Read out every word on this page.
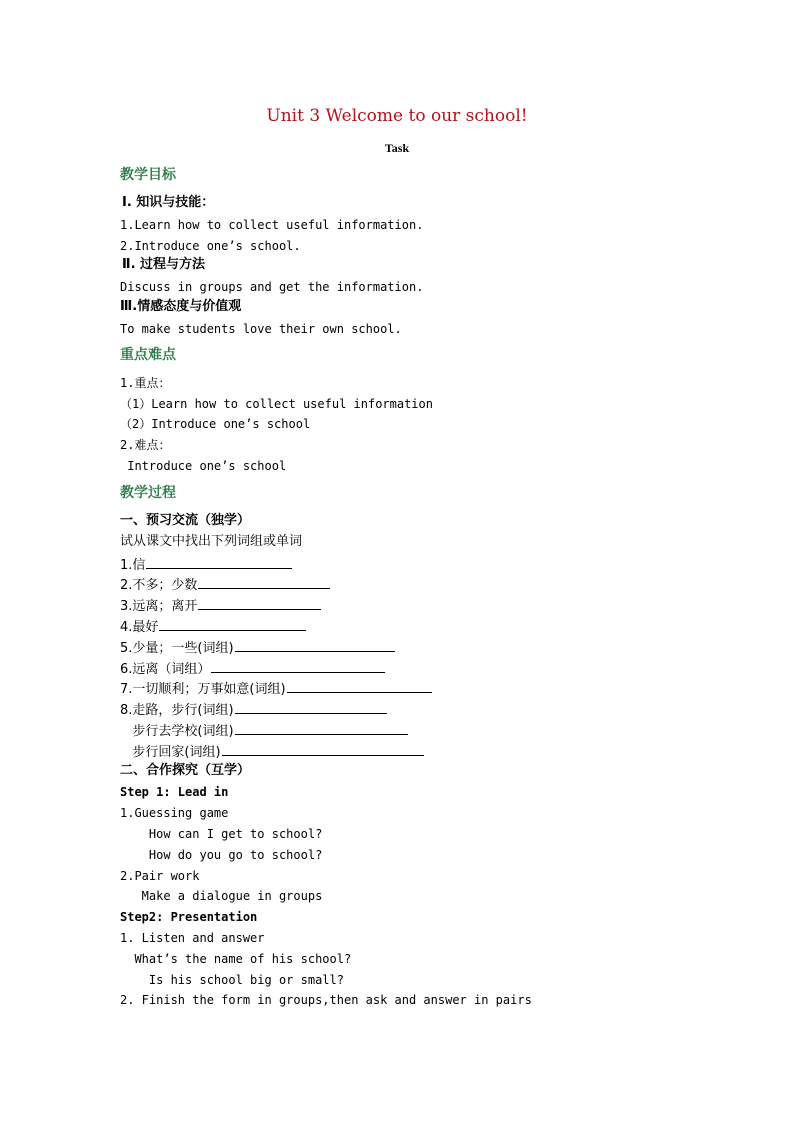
Unit 3 Welcome to our school!
Task
教学目标
Ⅰ. 知识与技能：
1.Learn how to collect useful information.
2.Introduce one’s school.
Ⅱ. 过程与方法
Discuss in groups and get the information.
Ⅲ.情感态度与价值观
To make students love their own school.
重点难点
1.重点：
（1）Learn how to collect useful information
（2）Introduce one’s school
2.难点：
Introduce one’s school
教学过程
一、预习交流（独学）
试从课文中找出下列词组或单词
1.信
2.不多；少数
3.远离；离开
4.最好
5.少量；一些(词组)
6.远离（词组）
7.一切顺利；万事如意(词组)
8.走路，步行(词组)
步行去学校(词组)
步行回家(词组)
二、合作探究（互学）
Step 1: Lead in
1.Guessing game
How can I get to school?
How do you go to school?
2.Pair work
Make a dialogue in groups
Step2: Presentation
1. Listen and answer
What’s the name of his school?
Is his school big or small?
2. Finish the form in groups,then ask and answer in pairs
